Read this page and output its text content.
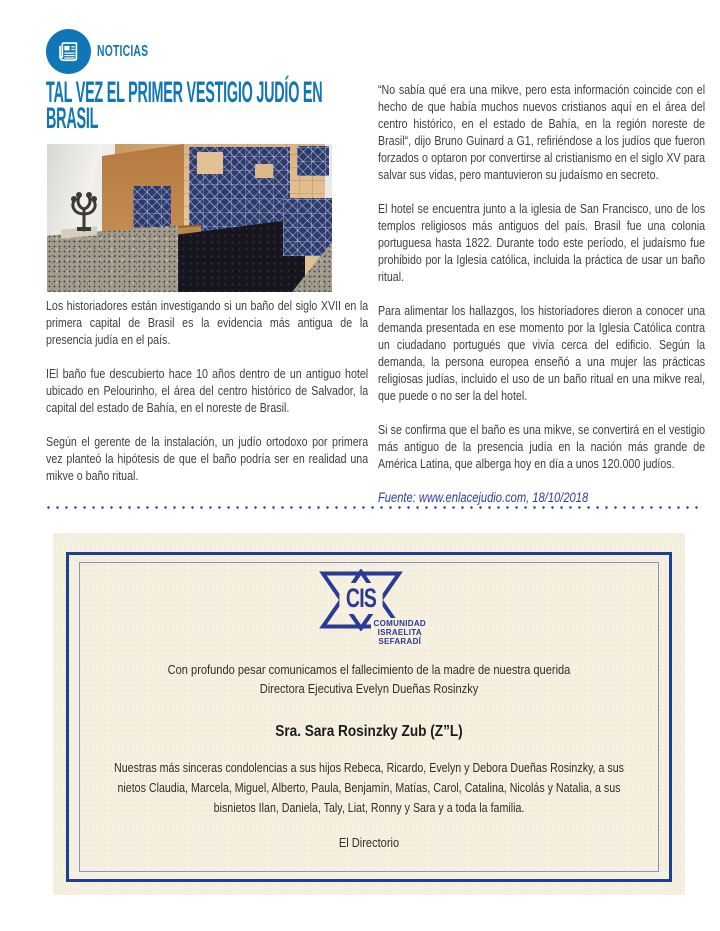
NOTICIAS
TAL VEZ EL PRIMER VESTIGIO JUDÍO EN
BRASIL

Los historiadores están investigando si un baño del siglo XVII en la primera capital de Brasil es la evidencia más antigua de la presencia judía en el país.

IEl baño fue descubierto hace 10 años dentro de un antiguo hotel ubicado en Pelourinho, el área del centro histórico de Salvador, la capital del estado de Bahía, en el noreste de Brasil.

Según el gerente de la instalación, un judío ortodoxo por primera vez planteó la hipótesis de que el baño podría ser en realidad una mikve o baño ritual.

“No sabía qué era una mikve, pero esta información coincide con el hecho de que había muchos nuevos cristianos aquí en el área del centro histórico, en el estado de Bahía, en la región noreste de Brasil“, dijo Bruno Guinard a G1, refiriéndose a los judíos que fueron forzados o optaron por convertirse al cristianismo en el siglo XV para salvar sus vidas, pero mantuvieron su judaísmo en secreto.

El hotel se encuentra junto a la iglesia de San Francisco, uno de los templos religiosos más antiguos del país. Brasil fue una colonia portuguesa hasta 1822. Durante todo este período, el judaísmo fue prohibido por la Iglesia católica, incluida la práctica de usar un baño ritual.

Para alimentar los hallazgos, los historiadores dieron a conocer una demanda presentada en ese momento por la Iglesia Católica contra un ciudadano portugués que vivía cerca del edificio. Según la demanda, la persona europea enseñó a una mujer las prácticas religiosas judías, incluido el uso de un baño ritual en una mikve real, que puede o no ser la del hotel.

Si se confirma que el baño es una mikve, se convertirá en el vestigio más antiguo de la presencia judía en la nación más grande de América Latina, que alberga hoy en día a unos 120.000 judíos.

Fuente: www.enlacejudio.com, 18/10/2018
CIS
COMUNIDAD
ISRAELITA
SEFARADÍ
Con profundo pesar comunicamos el fallecimiento de la madre de nuestra querida
Directora Ejecutiva Evelyn Dueñas Rosinzky
Sra. Sara Rosinzky Zub (Z”L)
Nuestras más sinceras condolencias a sus hijos Rebeca, Ricardo, Evelyn y Debora Dueñas Rosinzky, a sus nietos Claudia, Marcela, Miguel, Alberto, Paula, Benjamín, Matías, Carol, Catalina, Nicolás y Natalia, a sus bisnietos Ilan, Daniela, Taly, Liat, Ronny y Sara y a toda la familia.
El Directorio
